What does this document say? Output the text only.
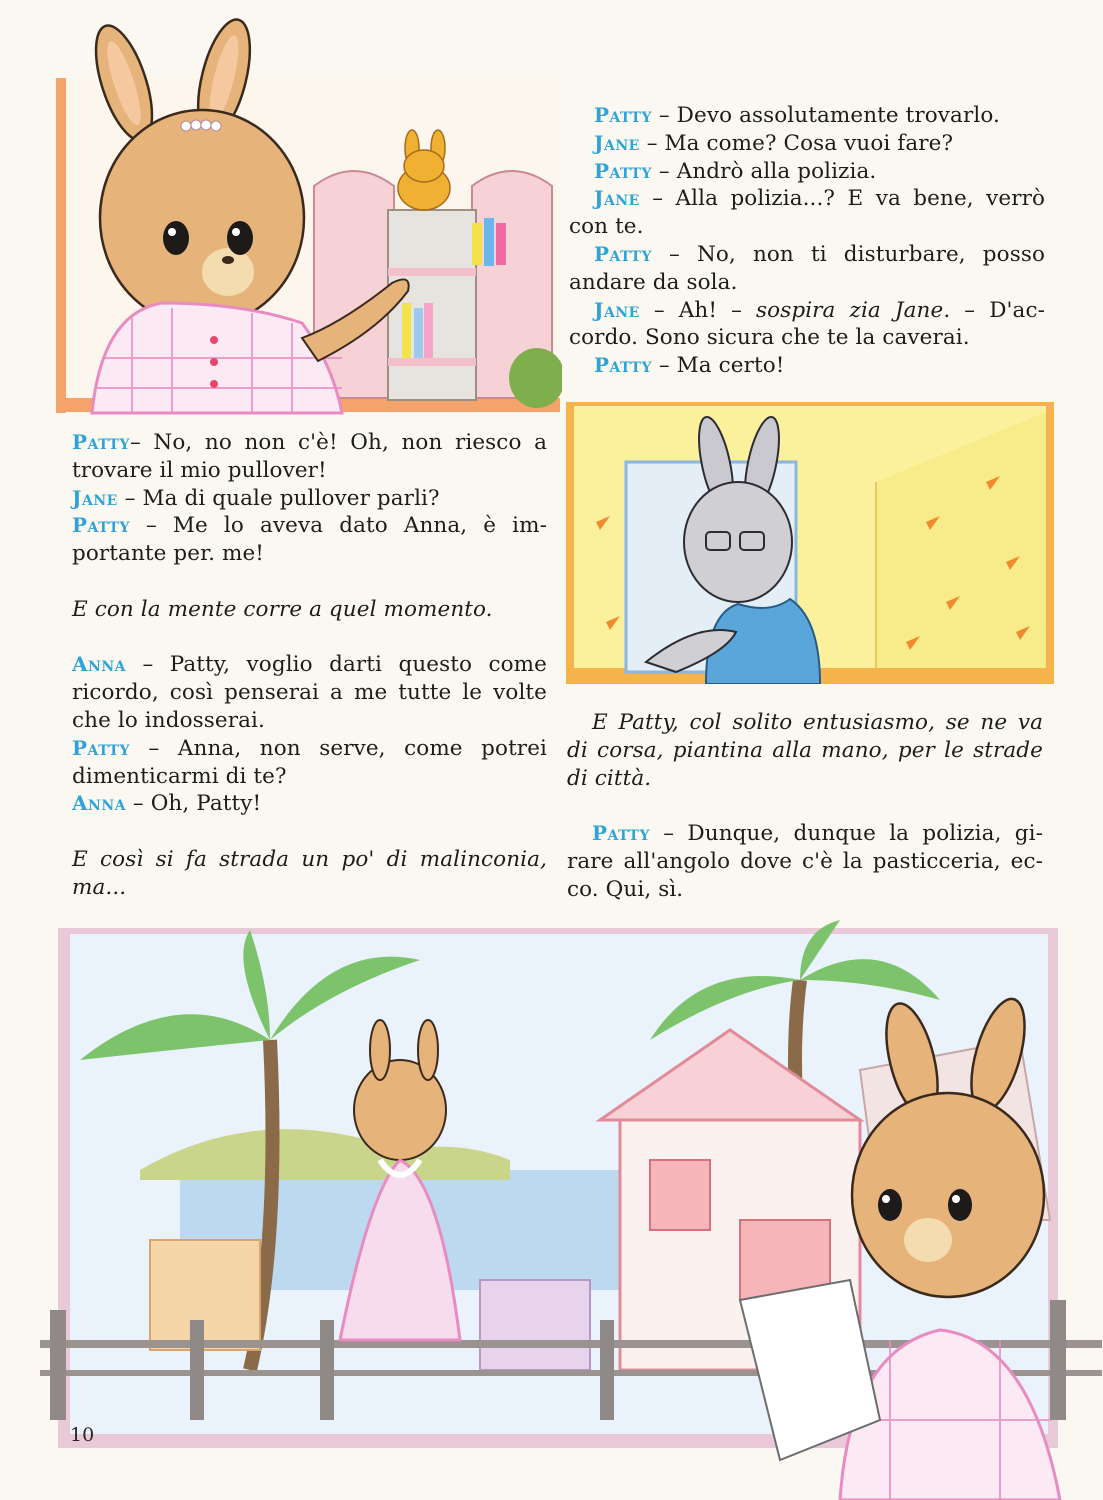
Patty– No, no non c'è! Oh, non riesco a
trovare il mio pullover!
Jane – Ma di quale pullover parli?
Patty – Me lo aveva dato Anna, è im-
portante per. me!
E con la mente corre a quel momento.
Anna – Patty, voglio darti questo come
ricordo, così penserai a me tutte le volte
che lo indosserai.
Patty – Anna, non serve, come potrei
dimenticarmi di te?
Anna – Oh, Patty!
E così si fa strada un po' di malinconia,
ma...
Patty – Devo assolutamente trovarlo.
Jane – Ma come? Cosa vuoi fare?
Patty – Andrò alla polizia.
Jane – Alla polizia...? E va bene, verrò
con te.
Patty – No, non ti disturbare, posso
andare da sola.
Jane – Ah! – sospira zia Jane. – D'ac-
cordo. Sono sicura che te la caverai.
Patty – Ma certo!
E Patty, col solito entusiasmo, se ne va
di corsa, piantina alla mano, per le strade
di città.
Patty – Dunque, dunque la polizia, gi-
rare all'angolo dove c'è la pasticceria, ec-
co. Qui, sì.
10
